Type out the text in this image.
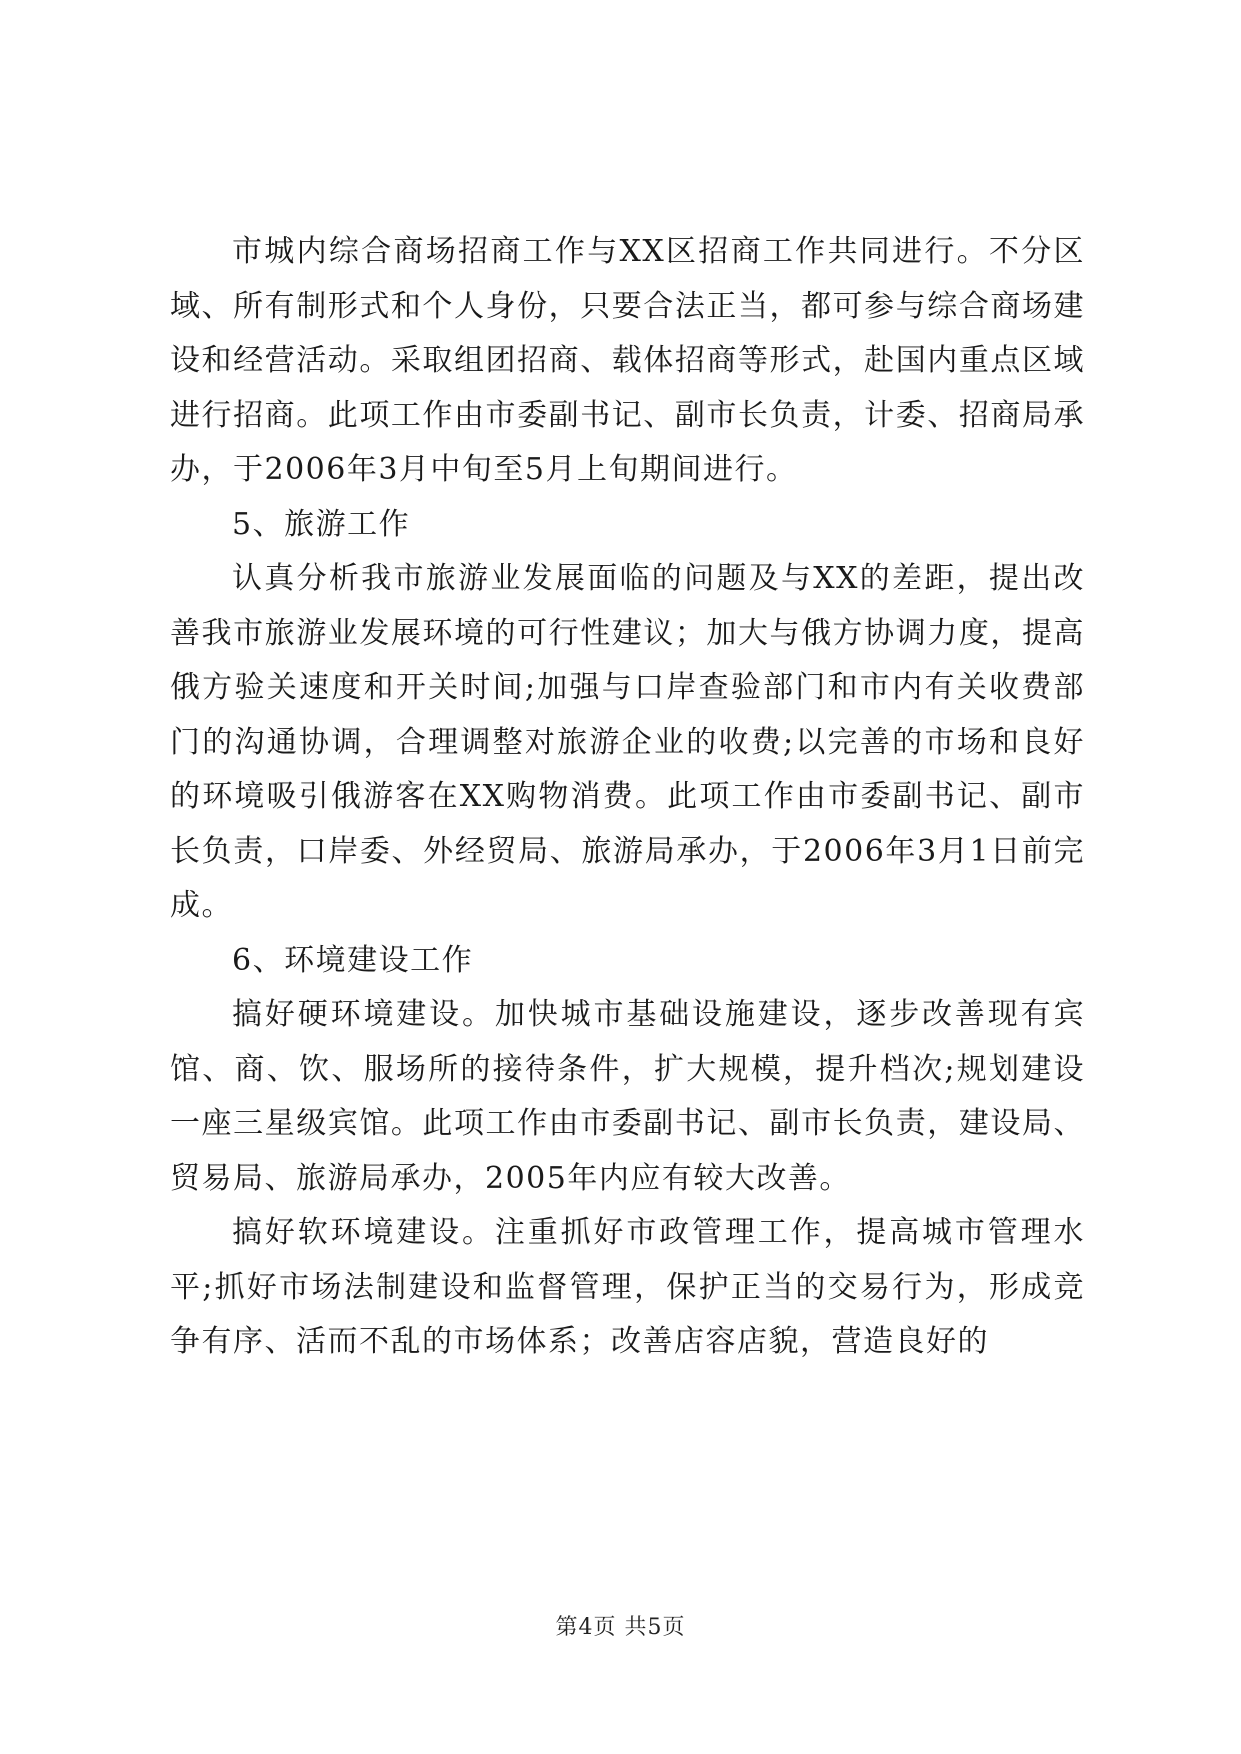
市城内综合商场招商工作与XX区招商工作共同进行。不分区域、所有制形式和个人身份，只要合法正当，都可参与综合商场建设和经营活动。采取组团招商、载体招商等形式，赴国内重点区域进行招商。此项工作由市委副书记、副市长负责，计委、招商局承办，于2006年3月中旬至5月上旬期间进行。

5、旅游工作

认真分析我市旅游业发展面临的问题及与XX的差距，提出改善我市旅游业发展环境的可行性建议；加大与俄方协调力度，提高俄方验关速度和开关时间;加强与口岸查验部门和市内有关收费部门的沟通协调，合理调整对旅游企业的收费;以完善的市场和良好的环境吸引俄游客在XX购物消费。此项工作由市委副书记、副市长负责，口岸委、外经贸局、旅游局承办，于2006年3月1日前完成。

6、环境建设工作

搞好硬环境建设。加快城市基础设施建设，逐步改善现有宾馆、商、饮、服场所的接待条件，扩大规模，提升档次;规划建设一座三星级宾馆。此项工作由市委副书记、副市长负责，建设局、贸易局、旅游局承办，2005年内应有较大改善。

搞好软环境建设。注重抓好市政管理工作，提高城市管理水平;抓好市场法制建设和监督管理，保护正当的交易行为，形成竞争有序、活而不乱的市场体系；改善店容店貌，营造良好的

第4页 共5页
